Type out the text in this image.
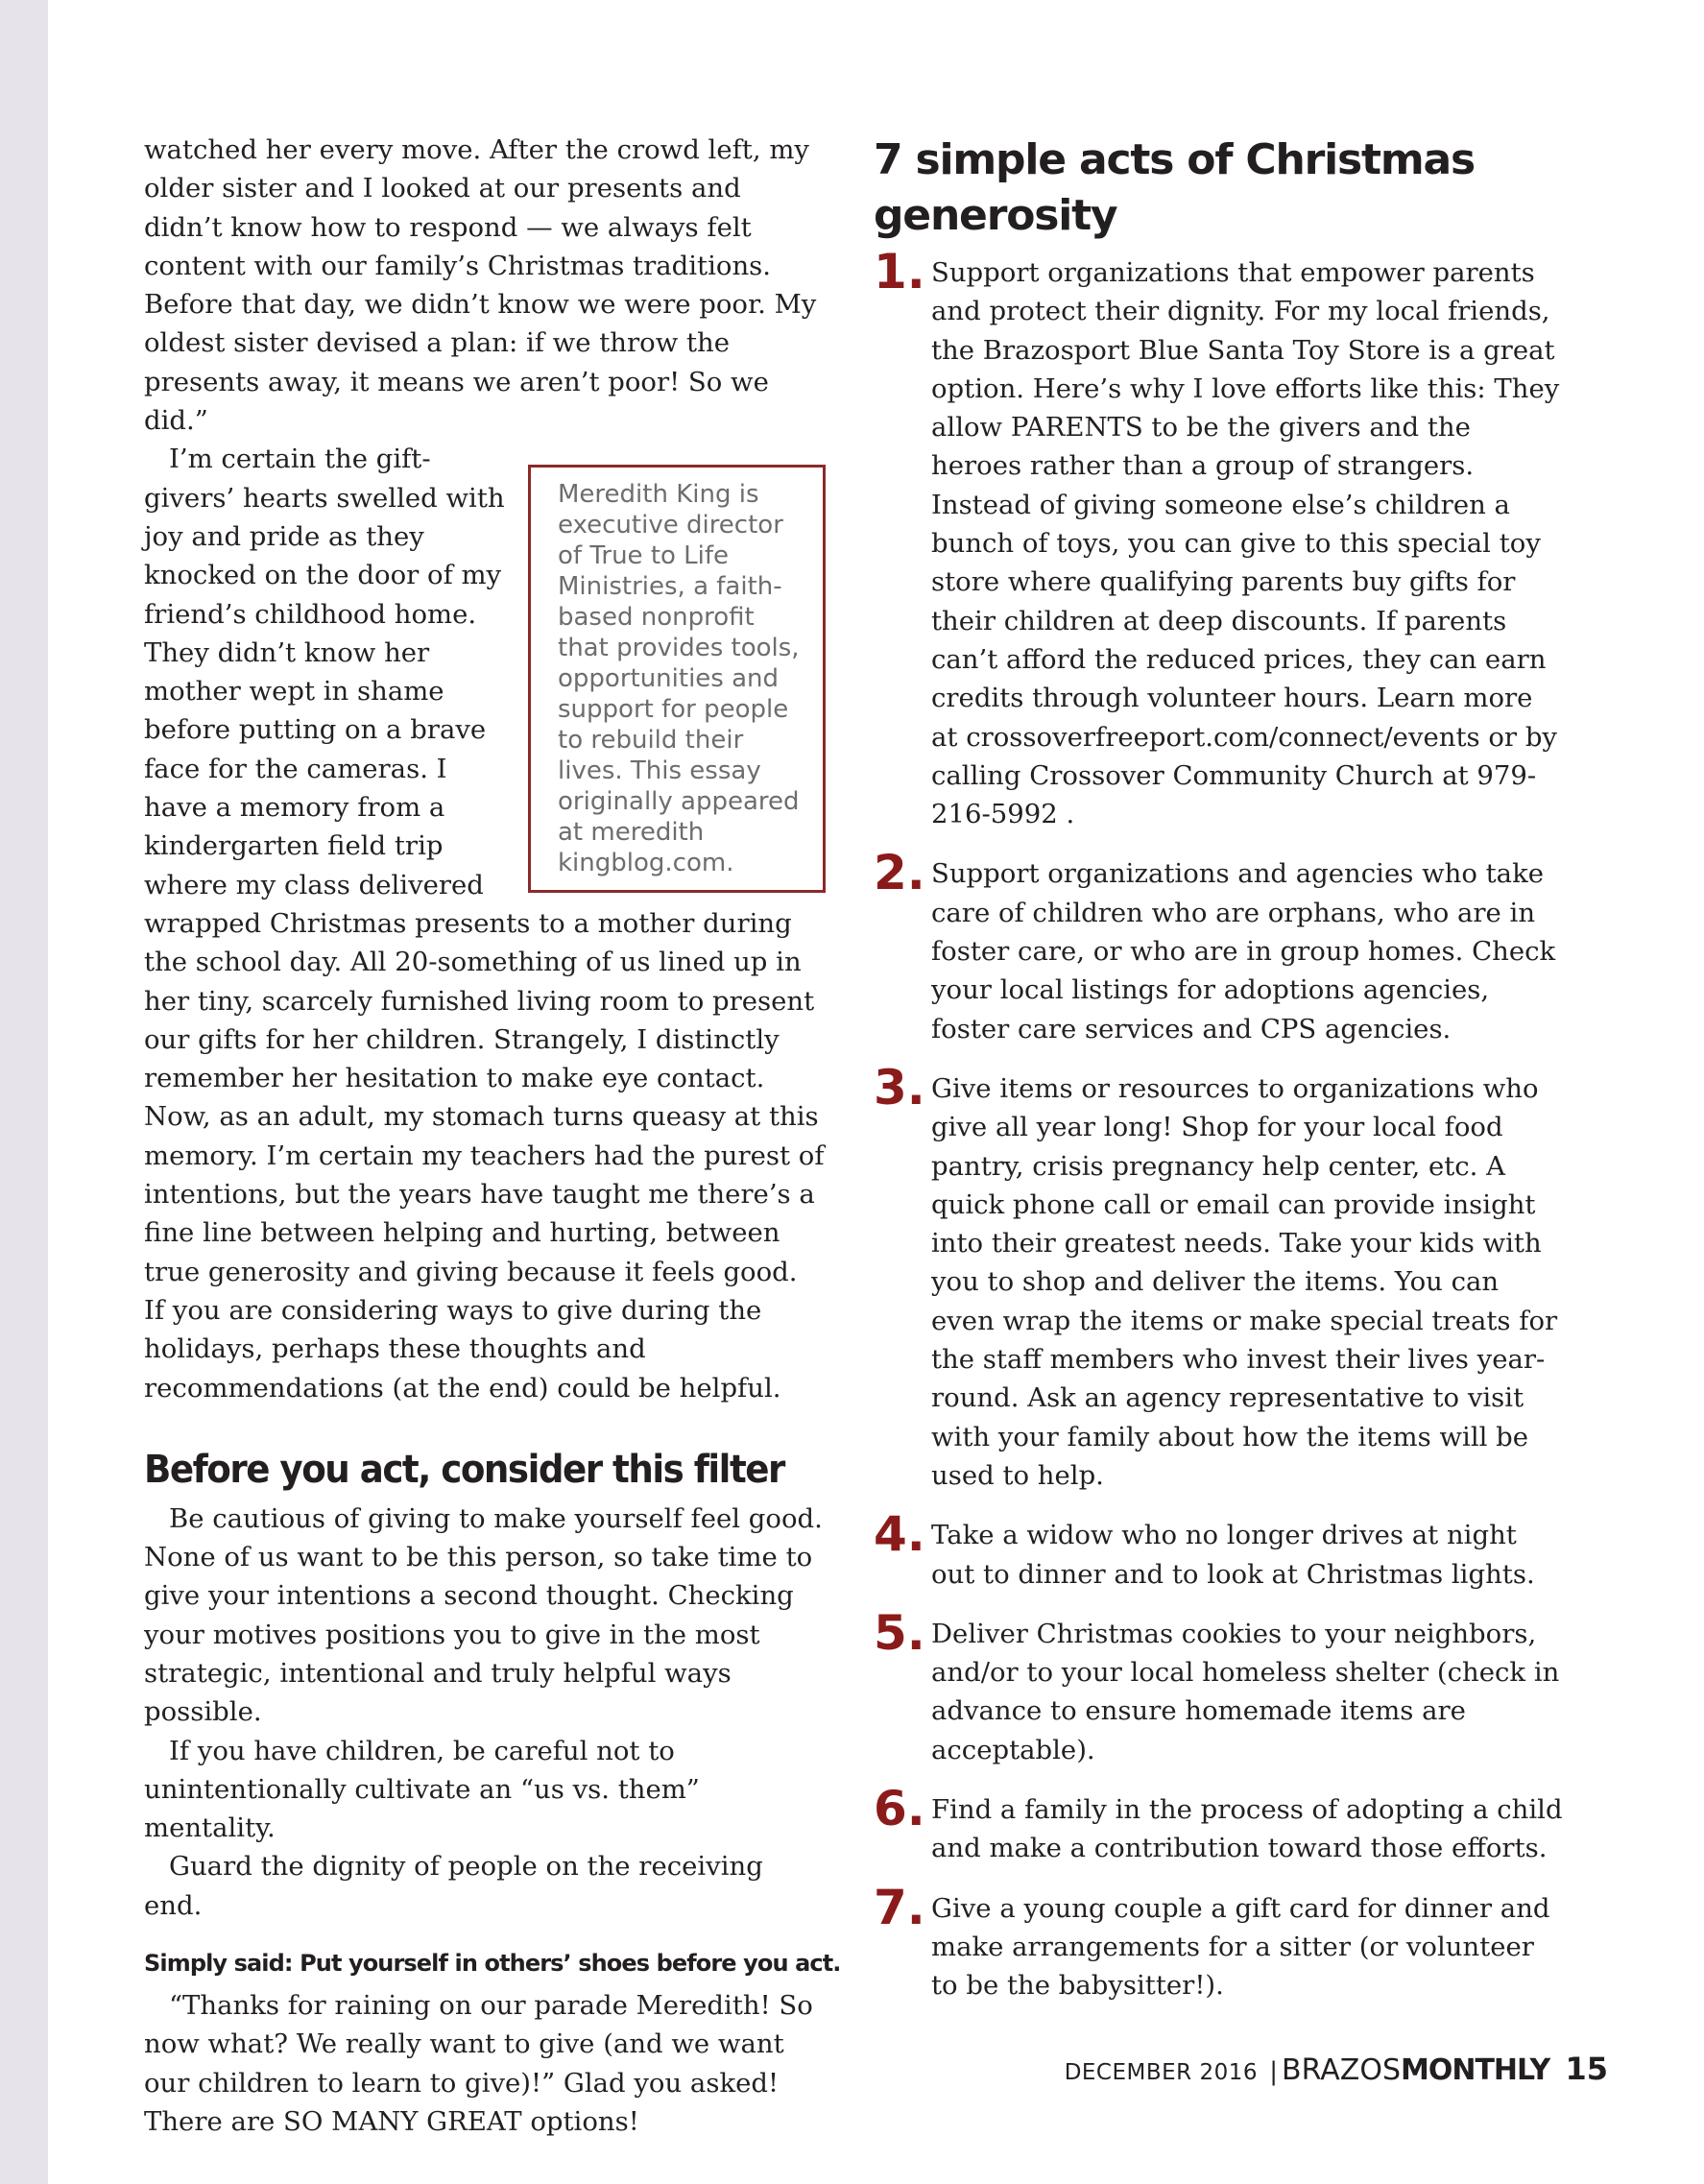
watched her every move. After the crowd left, my older sister and I looked at our presents and didn’t know how to respond — we always felt content with our family’s Christmas traditions. Before that day, we didn’t know we were poor. My oldest sister devised a plan: if we throw the presents away, it means we aren’t poor! So we did.”

Meredith King is executive director of True to Life Ministries, a faith-based nonprofit that provides tools, opportunities and support for people to rebuild their lives. This essay originally appeared at meredith kingblog.com.

I’m certain the gift-givers’ hearts swelled with joy and pride as they knocked on the door of my friend’s childhood home. They didn’t know her mother wept in shame before putting on a brave face for the cameras. I have a memory from a kindergarten field trip where my class delivered wrapped Christmas presents to a mother during the school day. All 20-something of us lined up in her tiny, scarcely furnished living room to present our gifts for her children. Strangely, I distinctly remember her hesitation to make eye contact. Now, as an adult, my stomach turns queasy at this memory. I’m certain my teachers had the purest of intentions, but the years have taught me there’s a fine line between helping and hurting, between true generosity and giving because it feels good. If you are considering ways to give during the holidays, perhaps these thoughts and recommendations (at the end) could be helpful.

Before you act, consider this filter

Be cautious of giving to make yourself feel good. None of us want to be this person, so take time to give your intentions a second thought. Checking your motives positions you to give in the most strategic, intentional and truly helpful ways possible.

If you have children, be careful not to unintentionally cultivate an “us vs. them” mentality.

Guard the dignity of people on the receiving end.

Simply said: Put yourself in others’ shoes before you act.

“Thanks for raining on our parade Meredith! So now what? We really want to give (and we want our children to learn to give)!” Glad you asked! There are SO MANY GREAT options!

7 simple acts of Christmas generosity
1. Support organizations that empower parents and protect their dignity. For my local friends, the Brazosport Blue Santa Toy Store is a great option. Here’s why I love efforts like this: They allow PARENTS to be the givers and the heroes rather than a group of strangers. Instead of giving someone else’s children a bunch of toys, you can give to this special toy store where qualifying parents buy gifts for their children at deep discounts. If parents can’t afford the reduced prices, they can earn credits through volunteer hours. Learn more at crossoverfreeport.com/connect/events or by calling Crossover Community Church at 979-216-5992 .
2. Support organizations and agencies who take care of children who are orphans, who are in foster care, or who are in group homes. Check your local listings for adoptions agencies, foster care services and CPS agencies.
3. Give items or resources to organizations who give all year long! Shop for your local food pantry, crisis pregnancy help center, etc. A quick phone call or email can provide insight into their greatest needs. Take your kids with you to shop and deliver the items. You can even wrap the items or make special treats for the staff members who invest their lives year-round. Ask an agency representative to visit with your family about how the items will be used to help.
4. Take a widow who no longer drives at night out to dinner and to look at Christmas lights.
5. Deliver Christmas cookies to your neighbors, and/or to your local homeless shelter (check in advance to ensure homemade items are acceptable).
6. Find a family in the process of adopting a child and make a contribution toward those efforts.
7. Give a young couple a gift card for dinner and make arrangements for a sitter (or volunteer to be the babysitter!).
DECEMBER 2016 | BRAZOSMONTHLY 15
